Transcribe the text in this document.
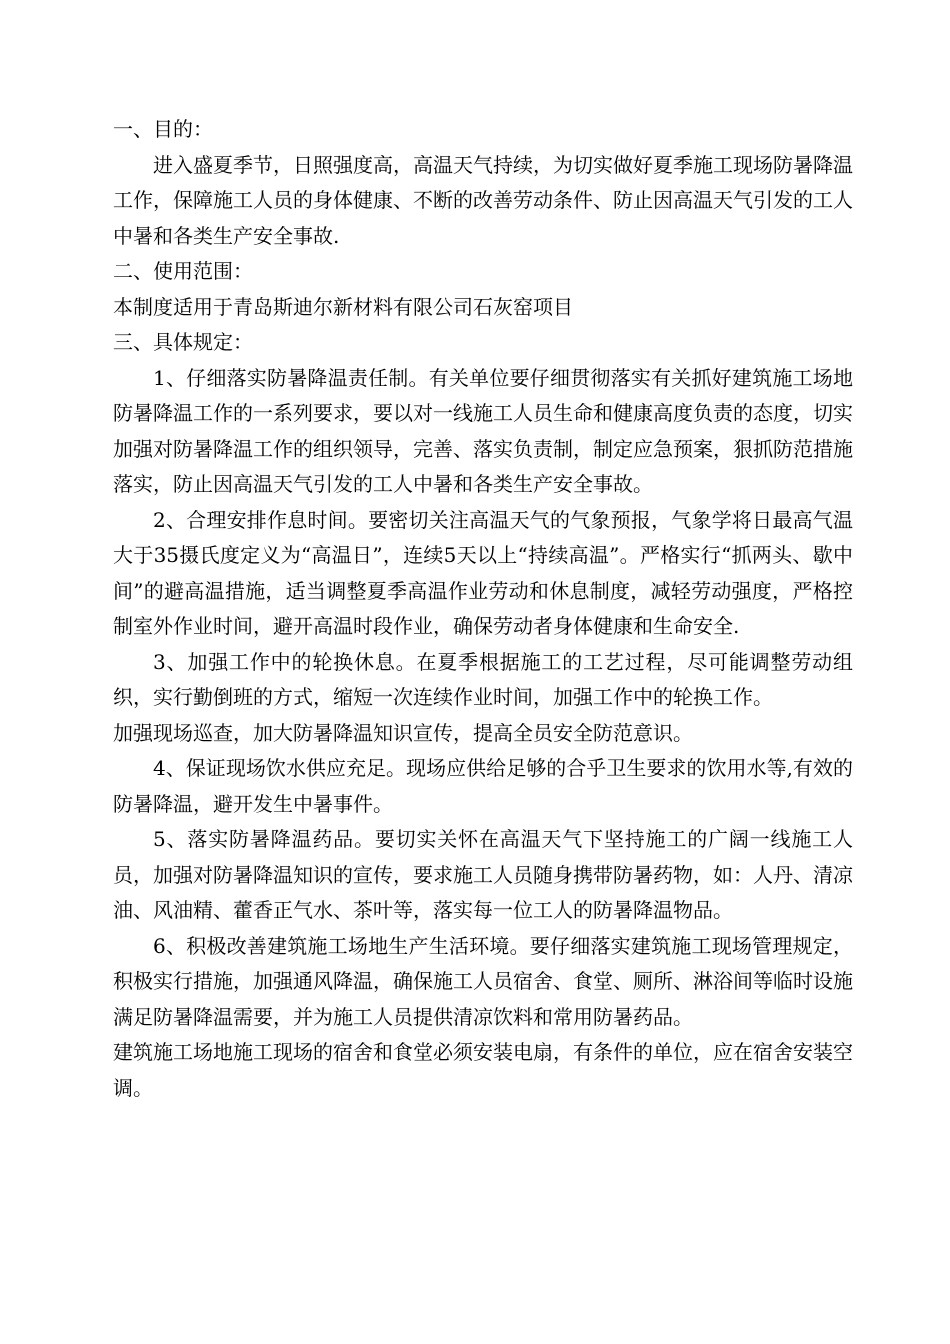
一、目的：

进入盛夏季节，日照强度高，高温天气持续，为切实做好夏季施工现场防暑降温工作，保障施工人员的身体健康、不断的改善劳动条件、防止因高温天气引发的工人中暑和各类生产安全事故.

二、使用范围：

本制度适用于青岛斯迪尔新材料有限公司石灰窑项目

三、具体规定：

1、仔细落实防暑降温责任制。有关单位要仔细贯彻落实有关抓好建筑施工场地防暑降温工作的一系列要求，要以对一线施工人员生命和健康高度负责的态度，切实加强对防暑降温工作的组织领导，完善、落实负责制，制定应急预案，狠抓防范措施落实，防止因高温天气引发的工人中暑和各类生产安全事故。

2、合理安排作息时间。要密切关注高温天气的气象预报，气象学将日最高气温大于35摄氏度定义为“高温日”，连续5天以上“持续高温”。严格实行“抓两头、歇中间”的避高温措施，适当调整夏季高温作业劳动和休息制度，减轻劳动强度，严格控制室外作业时间，避开高温时段作业，确保劳动者身体健康和生命安全.

3、加强工作中的轮换休息。在夏季根据施工的工艺过程，尽可能调整劳动组织，实行勤倒班的方式，缩短一次连续作业时间，加强工作中的轮换工作。

加强现场巡查，加大防暑降温知识宣传，提高全员安全防范意识。

4、保证现场饮水供应充足。现场应供给足够的合乎卫生要求的饮用水等,有效的防暑降温，避开发生中暑事件。

5、落实防暑降温药品。要切实关怀在高温天气下坚持施工的广阔一线施工人员，加强对防暑降温知识的宣传，要求施工人员随身携带防暑药物，如：人丹、清凉油、风油精、藿香正气水、茶叶等，落实每一位工人的防暑降温物品。

6、积极改善建筑施工场地生产生活环境。要仔细落实建筑施工现场管理规定，积极实行措施，加强通风降温，确保施工人员宿舍、食堂、厕所、淋浴间等临时设施满足防暑降温需要，并为施工人员提供清凉饮料和常用防暑药品。

建筑施工场地施工现场的宿舍和食堂必须安装电扇，有条件的单位，应在宿舍安装空调。
